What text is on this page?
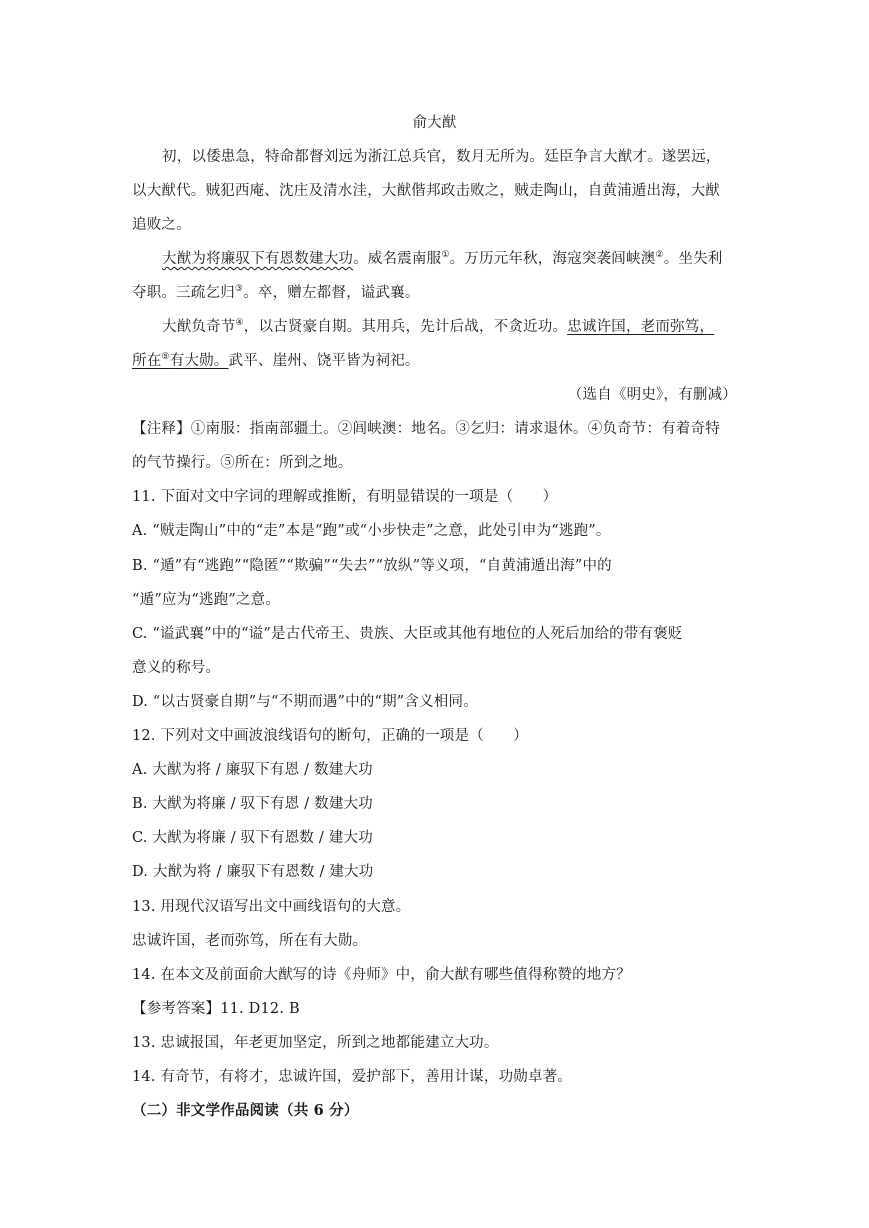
俞大猷
初，以倭患急，特命都督刘远为浙江总兵官，数月无所为。廷臣争言大猷才。遂罢远，
以大猷代。贼犯西庵、沈庄及清水洼，大猷偕邦政击败之，贼走陶山，自黄浦遁出海，大猷
追败之。
大猷为将廉驭下有恩数建大功。威名震南服①。万历元年秋，海寇突袭闾峡澳②。坐失利
夺职。三疏乞归③。卒，赠左都督，谥武襄。
大猷负奇节④，以古贤豪自期。其用兵，先计后战，不贪近功。忠诚许国，老而弥笃，
所在⑤有大勋。武平、崖州、饶平皆为祠祀。
（选自《明史》，有删减）
【注释】①南服：指南部疆土。②闾峡澳：地名。③乞归：请求退休。④负奇节：有着奇特
的气节操行。⑤所在：所到之地。
11. 下面对文中字词的理解或推断，有明显错误的一项是（　　）
A. “贼走陶山”中的“走”本是“跑”或“小步快走”之意，此处引申为“逃跑”。
B. “遁”有“逃跑”“隐匿”“欺骗”“失去”“放纵”等义项，“自黄浦遁出海”中的
“遁”应为“逃跑”之意。
C. “谥武襄”中的“谥”是古代帝王、贵族、大臣或其他有地位的人死后加给的带有褒贬
意义的称号。
D. “以古贤豪自期”与“不期而遇”中的“期”含义相同。
12. 下列对文中画波浪线语句的断句，正确的一项是（　　）
A. 大猷为将 / 廉驭下有恩 / 数建大功
B. 大猷为将廉 / 驭下有恩 / 数建大功
C. 大猷为将廉 / 驭下有恩数 / 建大功
D. 大猷为将 / 廉驭下有恩数 / 建大功
13. 用现代汉语写出文中画线语句的大意。
忠诚许国，老而弥笃，所在有大勋。
14. 在本文及前面俞大猷写的诗《舟师》中，俞大猷有哪些值得称赞的地方？
【参考答案】11. D12. B
13. 忠诚报国，年老更加坚定，所到之地都能建立大功。
14. 有奇节，有将才，忠诚许国，爱护部下，善用计谋，功勋卓著。
（二）非文学作品阅读（共 6 分）
